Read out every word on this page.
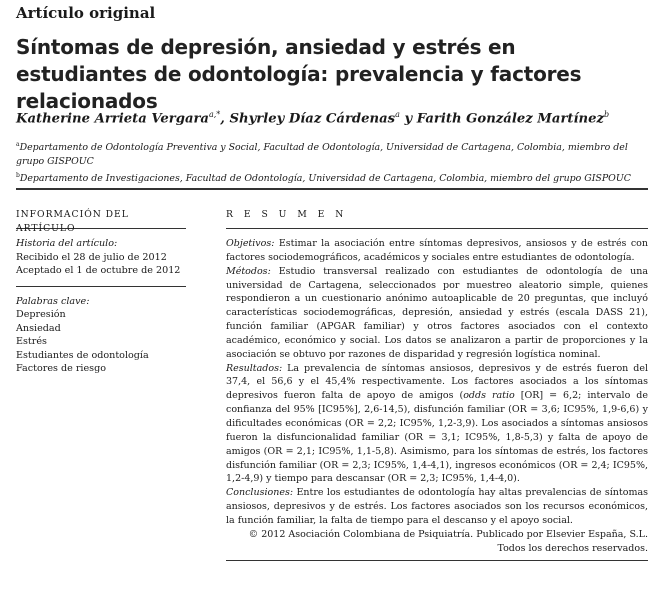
Artículo original
Síntomas de depresión, ansiedad y estrés en estudiantes de odontología: prevalencia y factores relacionados
Katherine Arrieta Vergara$^{a,*}$, Shyrley Díaz Cárdenas$^a$ y Farith González Martínez$^b$
$^a$Departamento de Odontología Preventiva y Social, Facultad de Odontología, Universidad de Cartagena, Colombia, miembro del grupo GISPOUC
$^b$Departamento de Investigaciones, Facultad de Odontología, Universidad de Cartagena, Colombia, miembro del grupo GISPOUC
INFORMACIÓN DEL ARTÍCULO
Historia del artículo:
Recibido el 28 de julio de 2012
Aceptado el 1 de octubre de 2012
Palabras clave:
Depresión
Ansiedad
Estrés
Estudiantes de odontología
Factores de riesgo
R E S U M E N

Objetivos: Estimar la asociación entre síntomas depresivos, ansiosos y de estrés con factores sociodemográficos, académicos y sociales entre estudiantes de odontología.

Métodos: Estudio transversal realizado con estudiantes de odontología de una universidad de Cartagena, seleccionados por muestreo aleatorio simple, quienes respondieron a un cuestionario anónimo autoaplicable de 20 preguntas, que incluyó características sociodemográficas, depresión, ansiedad y estrés (escala DASS 21), función familiar (APGAR familiar) y otros factores asociados con el contexto académico, económico y social. Los datos se analizaron a partir de proporciones y la asociación se obtuvo por razones de disparidad y regresión logística nominal.

Resultados: La prevalencia de síntomas ansiosos, depresivos y de estrés fueron del 37,4, el 56,6 y el 45,4% respectivamente. Los factores asociados a los síntomas depresivos fueron falta de apoyo de amigos (odds ratio [OR] = 6,2; intervalo de confianza del 95% [IC95%], 2,6-14,5), disfunción familiar (OR = 3,6; IC95%, 1,9-6,6) y dificultades económicas (OR = 2,2; IC95%, 1,2-3,9). Los asociados a síntomas ansiosos fueron la disfuncionalidad familiar (OR = 3,1; IC95%, 1,8-5,3) y falta de apoyo de amigos (OR = 2,1; IC95%, 1,1-5,8). Asimismo, para los síntomas de estrés, los factores disfunción familiar (OR = 2,3; IC95%, 1,4-4,1), ingresos económicos (OR = 2,4; IC95%, 1,2-4,9) y tiempo para descansar (OR = 2,3; IC95%, 1,4-4,0).

Conclusiones: Entre los estudiantes de odontología hay altas prevalencias de síntomas ansiosos, depresivos y de estrés. Los factores asociados son los recursos económicos, la función familiar, la falta de tiempo para el descanso y el apoyo social.

© 2012 Asociación Colombiana de Psiquiatría. Publicado por Elsevier España, S.L.
Todos los derechos reservados.
